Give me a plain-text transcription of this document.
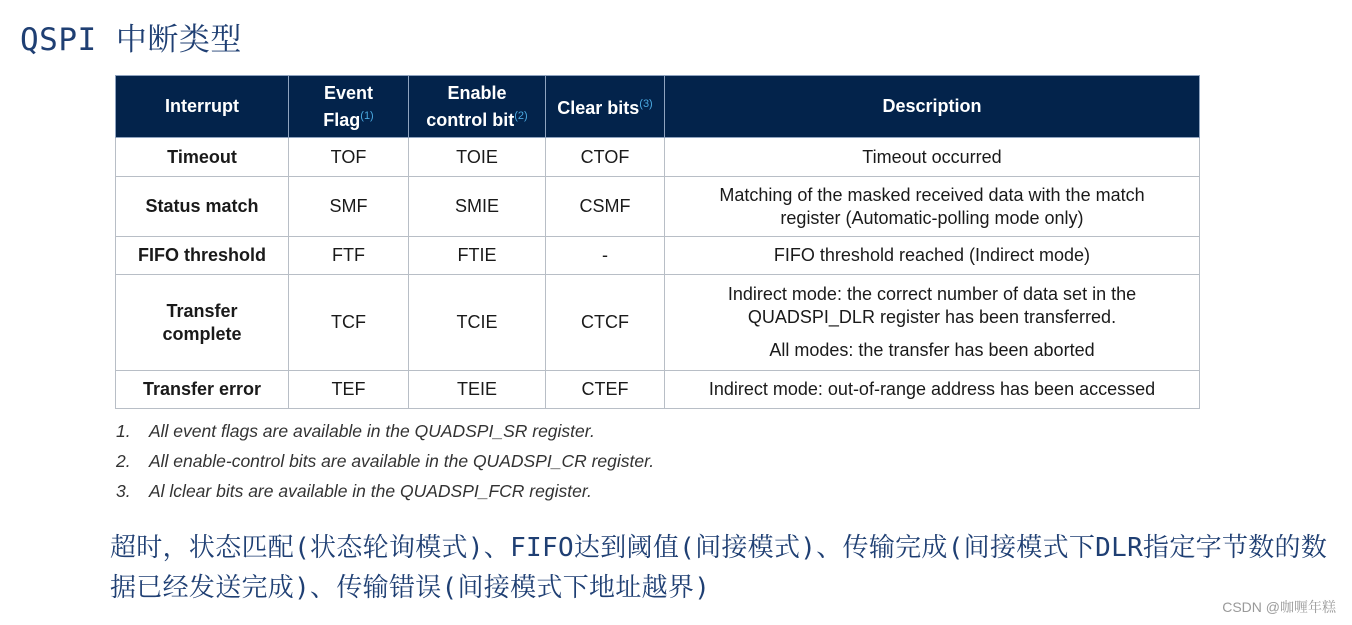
QSPI 中断类型
Interrupt	Event Flag$^{(1)}$	Enable control bit$^{(2)}$	Clear bits$^{(3)}$	Description
Timeout	TOF	TOIE	CTOF	Timeout occurred
Status match	SMF	SMIE	CSMF	Matching of the masked received data with the match register (Automatic-polling mode only)
FIFO threshold	FTF	FTIE	-	FIFO threshold reached (Indirect mode)
Transfer complete	TCF	TCIE	CTCF	Indirect mode: the correct number of data set in the QUADSPI_DLR register has been transferred.
All modes: the transfer has been aborted

Transfer error	TEF	TEIE	CTEF	Indirect mode: out-of-range address has been accessed
1. All event flags are available in the QUADSPI_SR register.
2. All enable-control bits are available in the QUADSPI_CR register.
3. Al lclear bits are available in the QUADSPI_FCR register.
超时，状态匹配(状态轮询模式)、FIFO达到阈值(间接模式)、传输完成(间接模式下DLR指定字节数的数据已经发送完成)、传输错误(间接模式下地址越界)
CSDN @咖喱年糕
